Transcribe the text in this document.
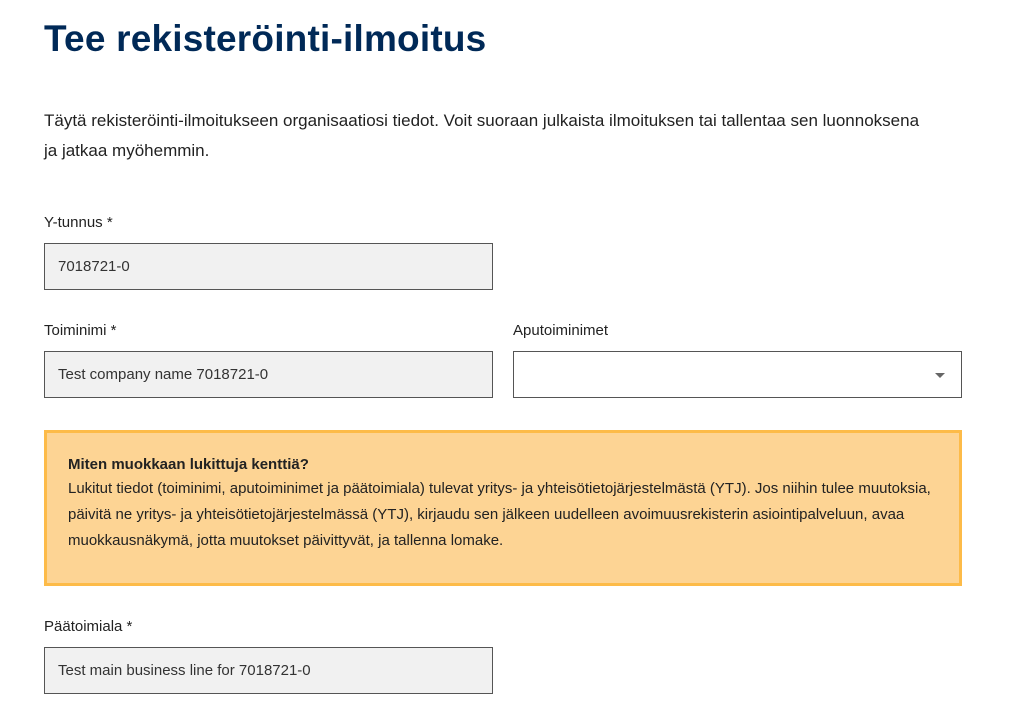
Tee rekisteröinti-ilmoitus

Täytä rekisteröinti-ilmoitukseen organisaatiosi tiedot. Voit suoraan julkaista ilmoituksen tai tallentaa sen luonnoksena ja jatkaa myöhemmin.

Y-tunnus *
7018721-0
Toiminimi *
Test company name 7018721-0
Aputoiminimet

Miten muokkaan lukittuja kenttiä?

Lukitut tiedot (toiminimi, aputoiminimet ja päätoimiala) tulevat yritys- ja yhteisötietojärjestelmästä (YTJ). Jos niihin tulee muutoksia, päivitä ne yritys- ja yhteisötietojärjestelmässä (YTJ), kirjaudu sen jälkeen uudelleen avoimuusrekisterin asiointipalveluun, avaa muokkausnäkymä, jotta muutokset päivittyvät, ja tallenna lomake.

Päätoimiala *
Test main business line for 7018721-0
